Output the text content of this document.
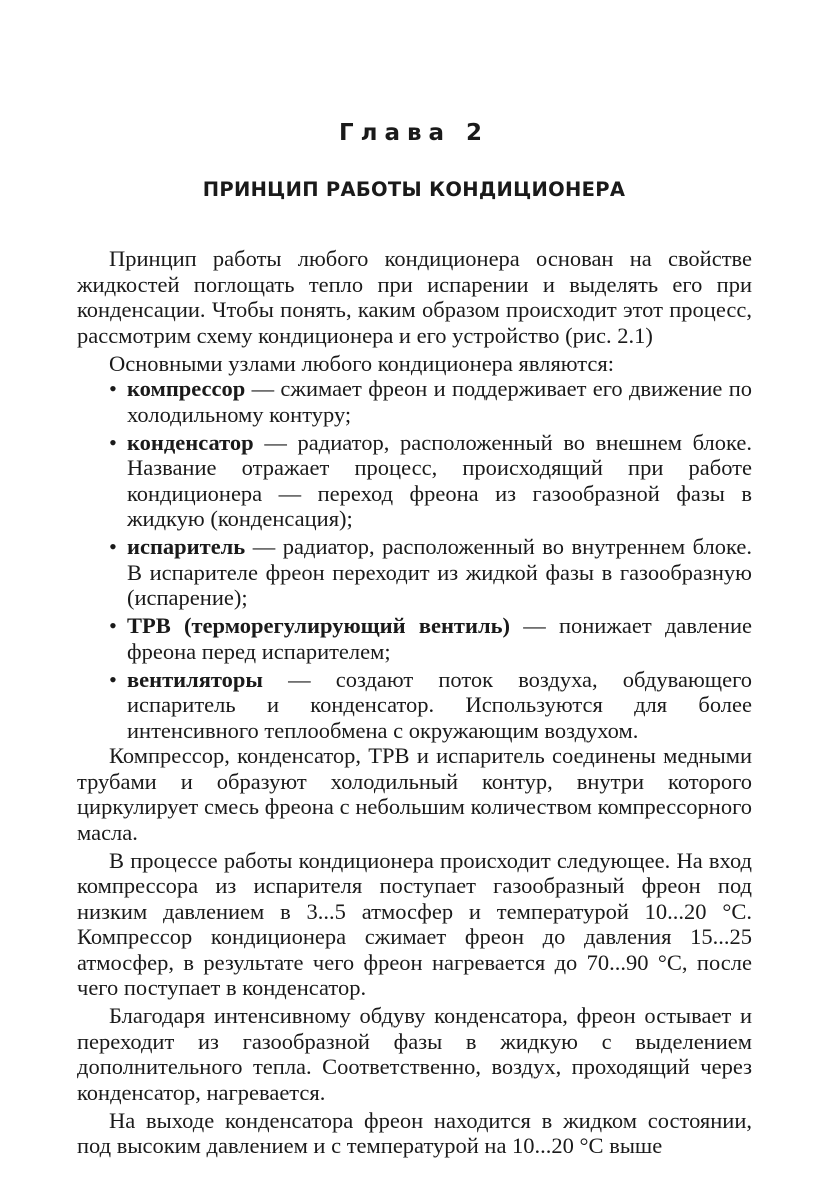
Глава 2
ПРИНЦИП РАБОТЫ КОНДИЦИОНЕРА

Принцип работы любого кондиционера основан на свойстве жидкостей поглощать тепло при испарении и выделять его при конденсации. Чтобы понять, каким образом происходит этот процесс, рассмотрим схему кондиционера и его устройство (рис. 2.1)

Основными узлами любого кондиционера являются:

• компрессор — сжимает фреон и поддерживает его движение по холодильному контуру;
• конденсатор — радиатор, расположенный во внешнем блоке. Название отражает процесс, происходящий при работе кондиционера — переход фреона из газообразной фазы в жидкую (конденсация);
• испаритель — радиатор, расположенный во внутреннем блоке. В испарителе фреон переходит из жидкой фазы в газообразную (испарение);
• ТРВ (терморегулирующий вентиль) — понижает давление фреона перед испарителем;
• вентиляторы — создают поток воздуха, обдувающего испаритель и конденсатор. Используются для более интенсивного теплообмена с окружающим воздухом.

Компрессор, конденсатор, ТРВ и испаритель соединены медными трубами и образуют холодильный контур, внутри которого циркулирует смесь фреона с небольшим количеством компрессорного масла.

В процессе работы кондиционера происходит следующее. На вход компрессора из испарителя поступает газообразный фреон под низким давлением в 3...5 атмосфер и температурой 10...20 °С. Компрессор кондиционера сжимает фреон до давления 15...25 атмосфер, в результате чего фреон нагревается до 70...90 °С, после чего поступает в конденсатор.

Благодаря интенсивному обдуву конденсатора, фреон остывает и переходит из газообразной фазы в жидкую с выделением дополнительного тепла. Соответственно, воздух, проходящий через конденсатор, нагревается.

На выходе конденсатора фреон находится в жидком состоянии, под высоким давлением и с температурой на 10...20 °С выше
